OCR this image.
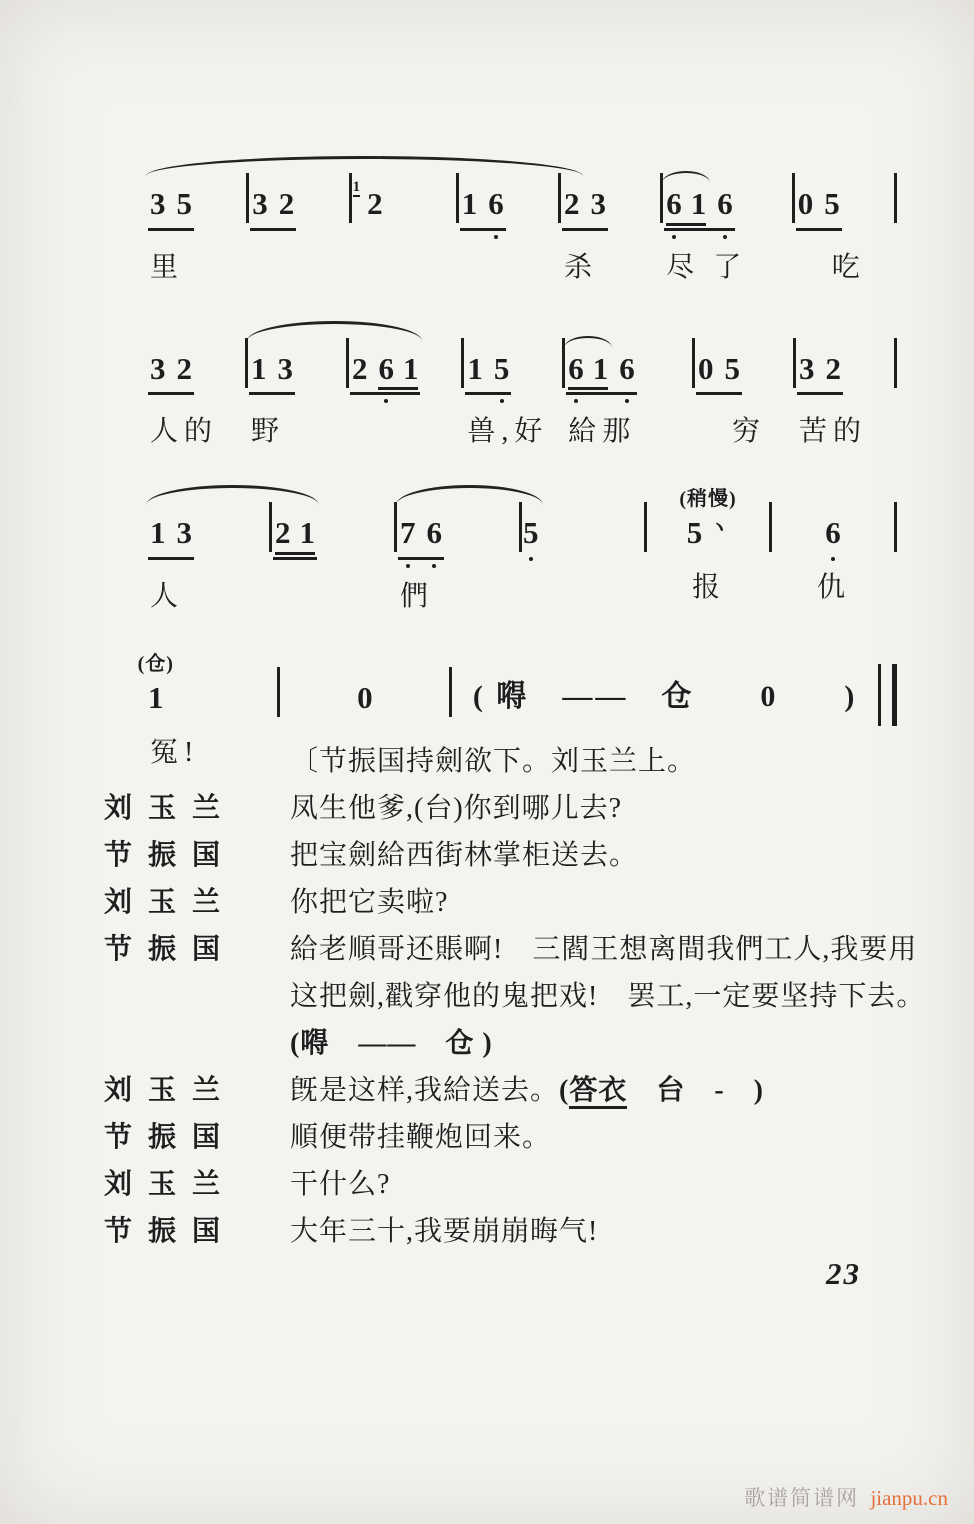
3 5
里
3 2	1 2	1 6 2 3
杀
6 1 6
尽 了
0 5
　吃
3 2
人的
1 3
野
2 6 1 1 5
兽,好
6 1 6
給那
0 5
　穷
3 2
苦的
1 3
人
2 1	7 6
們
5
(稍慢)
5 ヽ
报
6
仇
(仓)
1
冤!
0	( 嘚　——　仓　　0　　)
〔节振国持劍欲下。刘玉兰上。
刘玉兰	凤生他爹,(台)你到哪儿去?
节振国	把宝劍給西街林掌柜送去。
刘玉兰	你把它卖啦?
节振国	給老順哥还賬啊!　三閻王想离間我們工人,我要用
这把劍,戳穿他的鬼把戏!　罢工,一定要坚持下去。
(嘚　——　仓 )
刘玉兰	旣是这样,我給送去。(答衣　台　-　)
节振国	順便带挂鞭炮回来。
刘玉兰	干什么?
节振国	大年三十,我要崩崩晦气!
23
歌谱简谱网 jianpu.cn
